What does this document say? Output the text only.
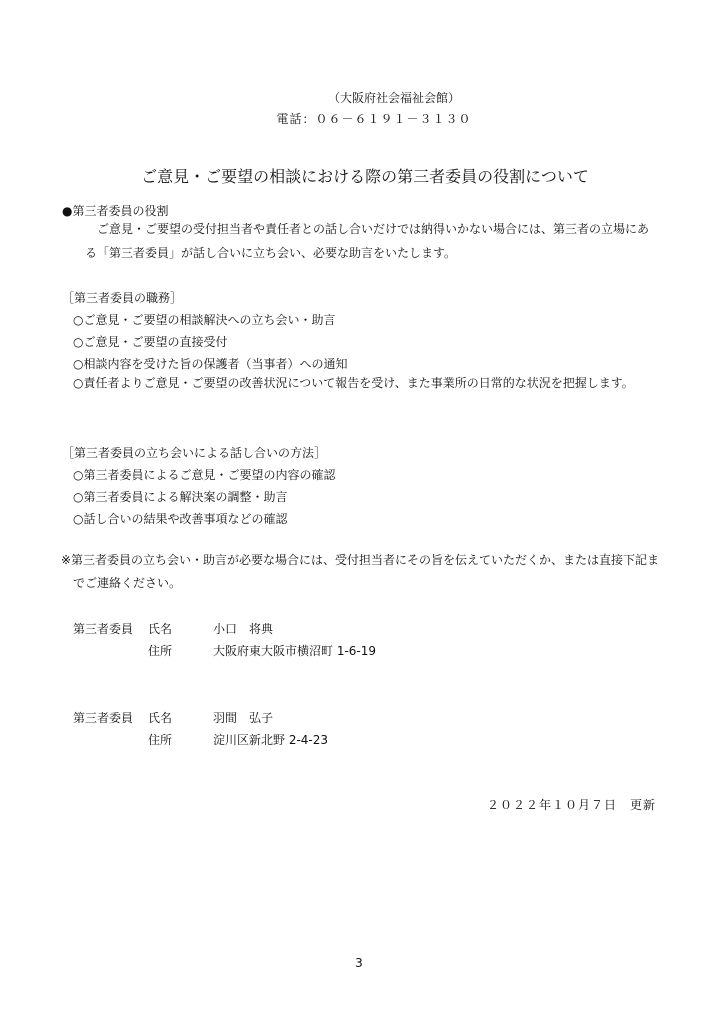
（大阪府社会福祉会館）
電話：０６－６１９１－３１３０
ご意見・ご要望の相談における際の第三者委員の役割について
●第三者委員の役割
ご意見・ご要望の受付担当者や責任者との話し合いだけでは納得いかない場合には、第三者の立場にある「第三者委員」が話し合いに立ち会い、必要な助言をいたします。
［第三者委員の職務］
○ご意見・ご要望の相談解決への立ち会い・助言
○ご意見・ご要望の直接受付
○相談内容を受けた旨の保護者（当事者）への通知
○責任者よりご意見・ご要望の改善状況について報告を受け、また事業所の日常的な状況を把握します。
［第三者委員の立ち会いによる話し合いの方法］
○第三者委員によるご意見・ご要望の内容の確認
○第三者委員による解決案の調整・助言
○話し合いの結果や改善事項などの確認
※第三者委員の立ち会い・助言が必要な場合には、受付担当者にその旨を伝えていただくか、または直接下記までご連絡ください。
第三者委員 氏名	小口　将典
住所	大阪府東大阪市横沼町 1-6-19
第三者委員 氏名	羽間　弘子
住所	淀川区新北野 2-4-23
２０２２年１０月７日　更新
3
